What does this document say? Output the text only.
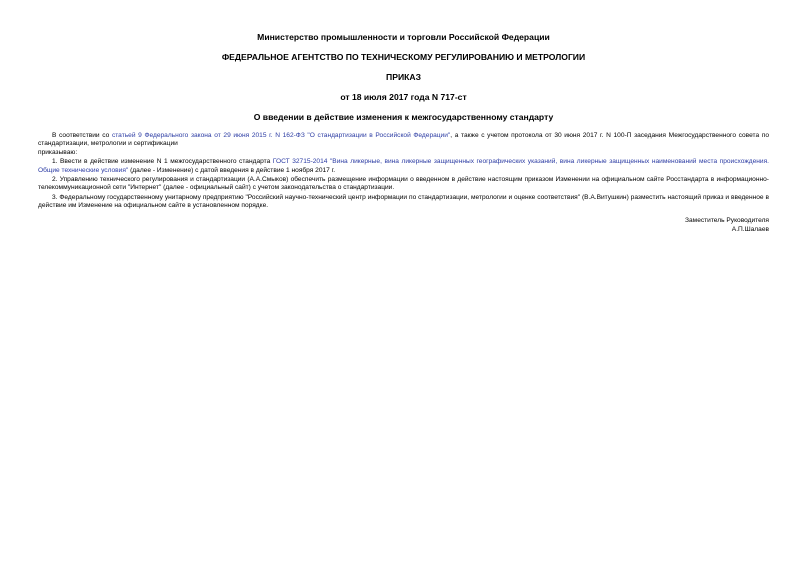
Министерство промышленности и торговли Российской Федерации

ФЕДЕРАЛЬНОЕ АГЕНТСТВО ПО ТЕХНИЧЕСКОМУ РЕГУЛИРОВАНИЮ И МЕТРОЛОГИИ

ПРИКАЗ

от 18 июля 2017 года N 717-ст

О введении в действие изменения к межгосударственному стандарту

В соответствии со статьей 9 Федерального закона от 29 июня 2015 г. N 162-ФЗ "О стандартизации в Российской Федерации", а также с учетом протокола от 30 июня 2017 г. N 100-П заседания Межгосударственного совета по стандартизации, метрологии и сертификации

приказываю:

1. Ввести в действие изменение N 1 межгосударственного стандарта ГОСТ 32715-2014 "Вина ликерные, вина ликерные защищенных географических указаний, вина ликерные защищенных наименований места происхождения. Общие технические условия" (далее - Изменение) с датой введения в действие 1 ноября 2017 г.

2. Управлению технического регулирования и стандартизации (А.А.Смыков) обеспечить размещение информации о введенном в действие настоящим приказом Изменении на официальном сайте Росстандарта в информационно-телекоммуникационной сети "Интернет" (далее - официальный сайт) с учетом законодательства о стандартизации.

3. Федеральному государственному унитарному предприятию "Российский научно-технический центр информации по стандартизации, метрологии и оценке соответствия" (В.А.Витушкин) разместить настоящий приказ и введенное в действие им Изменение на официальном сайте в установленном порядке.

Заместитель Руководителя
А.П.Шалаев
